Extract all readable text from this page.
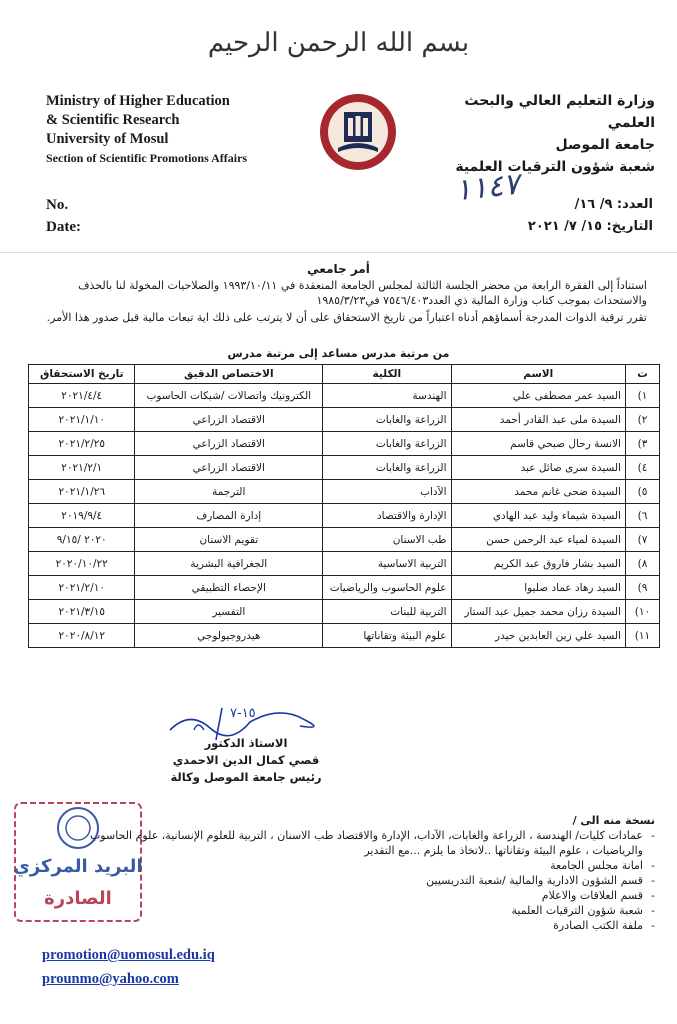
بسم الله الرحمن الرحيم
Ministry of Higher Education
& Scientific Research
University of Mosul
Section of Scientific Promotions Affairs
وزارة التعليم العالي والبحث العلمي
جامعة الموصل
شعبة شؤون الترقيات العلمية
١١٤٧
No.
Date:
العدد: ٩/ ١٦/
التاريخ: ١٥/ ٧/ ٢٠٢١
أمر جامعي

استناداً إلى الفقرة الرابعة من محضر الجلسة الثالثة لمجلس الجامعة المنعقدة في ١٩٩٣/١٠/١١ والصلاحيات المخولة لنا بالحذف والاستحداث بموجب كتاب وزارة المالية ذي العدد٧٥٤٦/٤٠٣ في١٩٨٥/٣/٢٣

تقرر ترقية الذوات المدرجة أسماؤهم أدناه اعتباراً من تاريخ الاستحقاق على أن لا يترتب على ذلك اية تبعات مالية قبل صدور هذا الأمر.

من مرتبة مدرس مساعد إلى مرتبة مدرس
ت	الاسم	الكلية	الاختصاص الدقيق	تاريخ الاستحقاق
١)	السيد عمر مصطفى علي	الهندسة	الكترونيك واتصالات /شبكات الحاسوب	٢٠٢١/٤/٤
٢)	السيدة ملى عبد القادر أحمد	الزراعة والغابات	الاقتصاد الزراعي	٢٠٢١/١/١٠
٣)	الانسة رحال صبحي قاسم	الزراعة والغابات	الاقتصاد الزراعي	٢٠٢١/٢/٢٥
٤)	السيدة سرى صائل عبد	الزراعة والغابات	الاقتصاد الزراعي	٢٠٢١/٢/١
٥)	السيدة ضحى غانم محمد	الآداب	الترجمة	٢٠٢١/١/٢٦
٦)	السيدة شيماء وليد عبد الهادي	الإدارة والاقتصاد	إدارة المصارف	٢٠١٩/٩/٤
٧)	السيدة لمياء عبد الرحمن حسن	طب الاسنان	تقويم الاسنان	٢٠٢٠ /٩/١٥
٨)	السيد بشار فاروق عبد الكريم	التربية الاساسية	الجغرافية البشرية	٢٠٢٠/١٠/٢٢
٩)	السيد رهاد عماد صليوا	علوم الحاسوب والرياضيات	الإحصاء التطبيقي	٢٠٢١/٢/١٠
١٠)	السيدة رزان محمد جميل عبد الستار	التربية للبنات	التفسير	٢٠٢١/٣/١٥
١١)	السيد علي زين العابدين حيدر	علوم البيئة وتقاناتها	هيدروجيولوجي	٢٠٢٠/٨/١٢
١٥-٧
الاستاذ الدكتور
قصي كمال الدين الاحمدي
رئيس جامعة الموصل وكالة
البريد المركزي
الصادرة
نسخة منه الى /
- عمادات كليات/ الهندسة ، الزراعة والغابات، الآداب، الإدارة والاقتصاد طب الاسنان ، التربية للعلوم الإنسانية، علوم الحاسوب والرياضيات ، علوم البيئة وتقاناتها ..لاتخاذ ما يلزم ...مع التقدير
- امانة مجلس الجامعة
- قسم الشؤون الادارية والمالية /شعبة التدريسيين
- قسم العلاقات والاعلام
- شعبة شؤون الترقيات العلمية
- ملفة الكتب الصادرة
promotion@uomosul.edu.iq
prounmo@yahoo.com
